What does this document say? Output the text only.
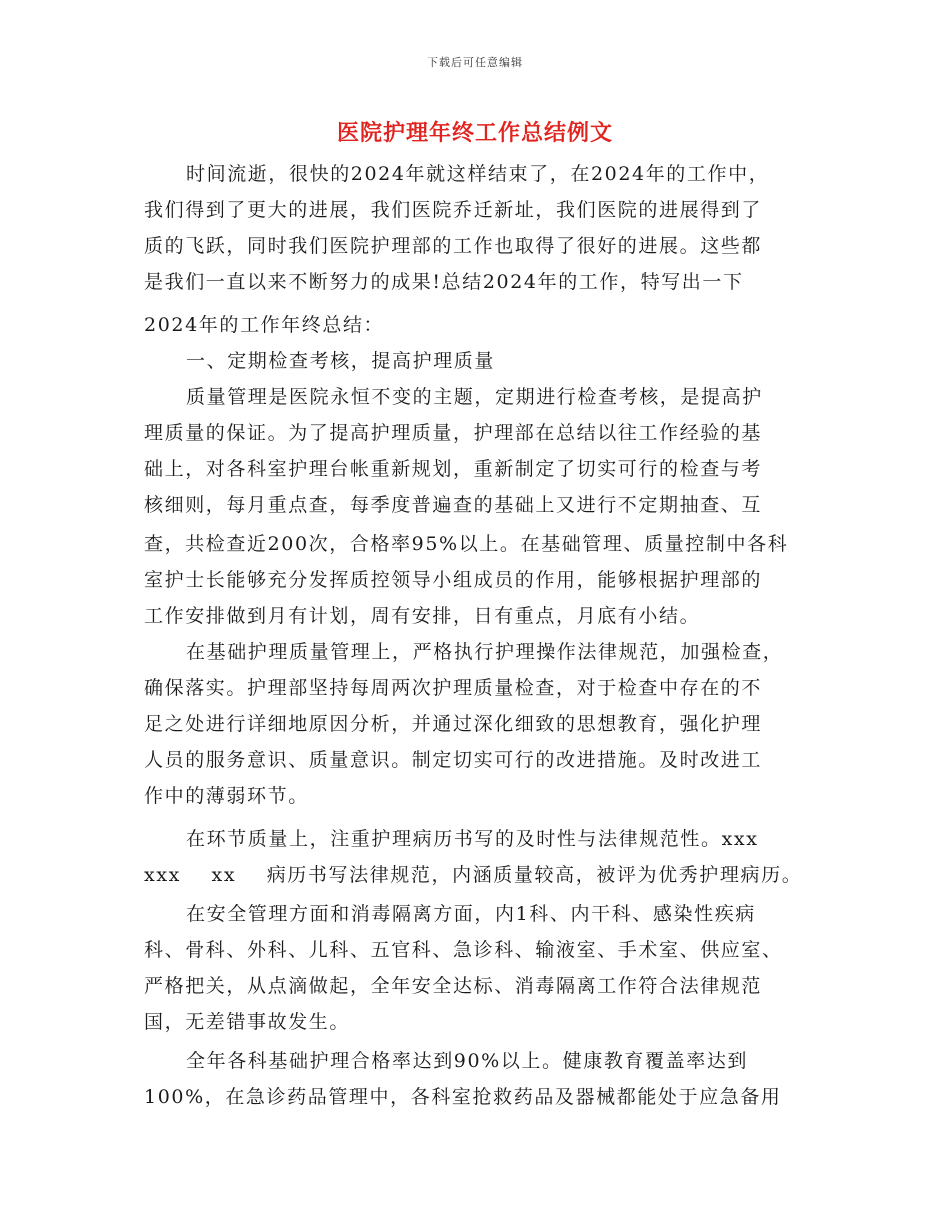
下载后可任意编辑
医院护理年终工作总结例文
时间流逝，很快的2024年就这样结束了，在2024年的工作中，
我们得到了更大的进展，我们医院乔迁新址，我们医院的进展得到了
质的飞跃，同时我们医院护理部的工作也取得了很好的进展。这些都
是我们一直以来不断努力的成果!总结2024年的工作，特写出一下
2024年的工作年终总结：
一、定期检查考核，提高护理质量
质量管理是医院永恒不变的主题，定期进行检查考核，是提高护
理质量的保证。为了提高护理质量，护理部在总结以往工作经验的基
础上，对各科室护理台帐重新规划，重新制定了切实可行的检查与考
核细则，每月重点查，每季度普遍查的基础上又进行不定期抽查、互
查，共检查近200次，合格率95%以上。在基础管理、质量控制中各科
室护士长能够充分发挥质控领导小组成员的作用，能够根据护理部的
工作安排做到月有计划，周有安排，日有重点，月底有小结。
在基础护理质量管理上，严格执行护理操作法律规范，加强检查，
确保落实。护理部坚持每周两次护理质量检查，对于检查中存在的不
足之处进行详细地原因分析，并通过深化细致的思想教育，强化护理
人员的服务意识、质量意识。制定切实可行的改进措施。及时改进工
作中的薄弱环节。
在环节质量上，注重护理病历书写的及时性与法律规范性。xxx
xxx    xx    病历书写法律规范，内涵质量较高，被评为优秀护理病历。
在安全管理方面和消毒隔离方面，内1科、内干科、感染性疾病
科、骨科、外科、儿科、五官科、急诊科、输液室、手术室、供应室、
严格把关，从点滴做起，全年安全达标、消毒隔离工作符合法律规范
国，无差错事故发生。
全年各科基础护理合格率达到90%以上。健康教育覆盖率达到
100%，在急诊药品管理中，各科室抢救药品及器械都能处于应急备用
